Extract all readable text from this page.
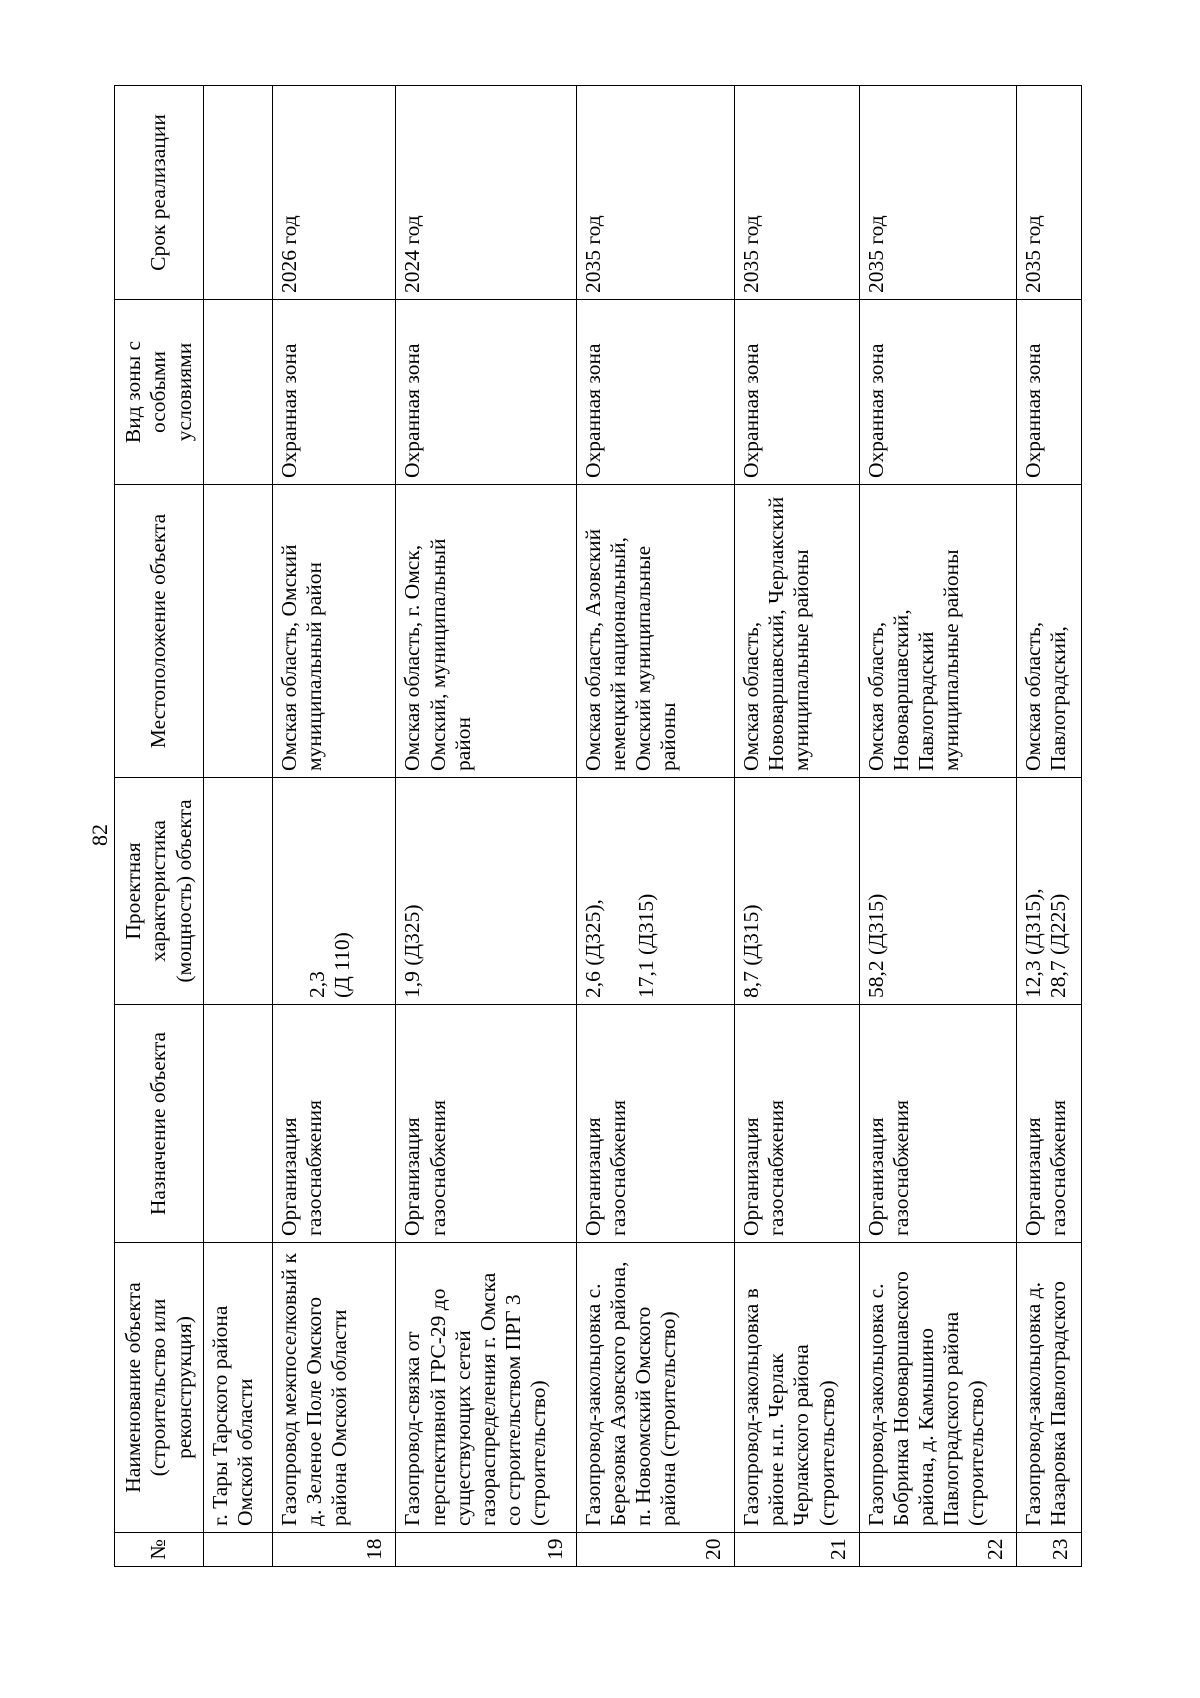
82
№	Наименование объекта (строительство или реконструкция)	Назначение объекта	Проектная характеристика (мощность) объекта	Местоположение объекта	Вид зоны с особыми условиями	Срок реализации
	г. Тары Тарского района Омской области					
18	Газопровод межпоселковый к д. Зеленое Поле Омского района Омской области	Организация газоснабжения	2,3 (Д 110)	Омская область, Омский муниципальный район	Охранная зона	2026 год
19	Газопровод-связка от перспективной ГРС-29 до существующих сетей газораспределения г. Омска со строительством ПРГ 3 (строительство)	Организация газоснабжения	1,9 (Д325)	Омская область, г. Омск, Омский, муниципальный район	Охранная зона	2024 год
20	Газопровод-закольцовка с. Березовка Азовского района, п. Новоомский Омского района (строительство)	Организация газоснабжения	2,6 (Д325), 17,1 (Д315)	Омская область, Азовский немецкий национальный, Омский муниципальные районы	Охранная зона	2035 год
21	Газопровод-закольцовка в районе н.п. Черлак Черлакского района (строительство)	Организация газоснабжения	8,7 (Д315)	Омская область, Нововаршавский, Черлакский муниципальные районы	Охранная зона	2035 год
22	Газопровод-закольцовка с. Бобринка Нововаршавского района, д. Камышино Павлоградского района (строительство)	Организация газоснабжения	58,2 (Д315)	Омская область, Нововаршавский, Павлоградский муниципальные районы	Охранная зона	2035 год
23	Газопровод-закольцовка д. Назаровка Павлоградского	Организация газоснабжения	12,3 (Д315), 28,7 (Д225)	Омская область, Павлоградский,	Охранная зона	2035 год
